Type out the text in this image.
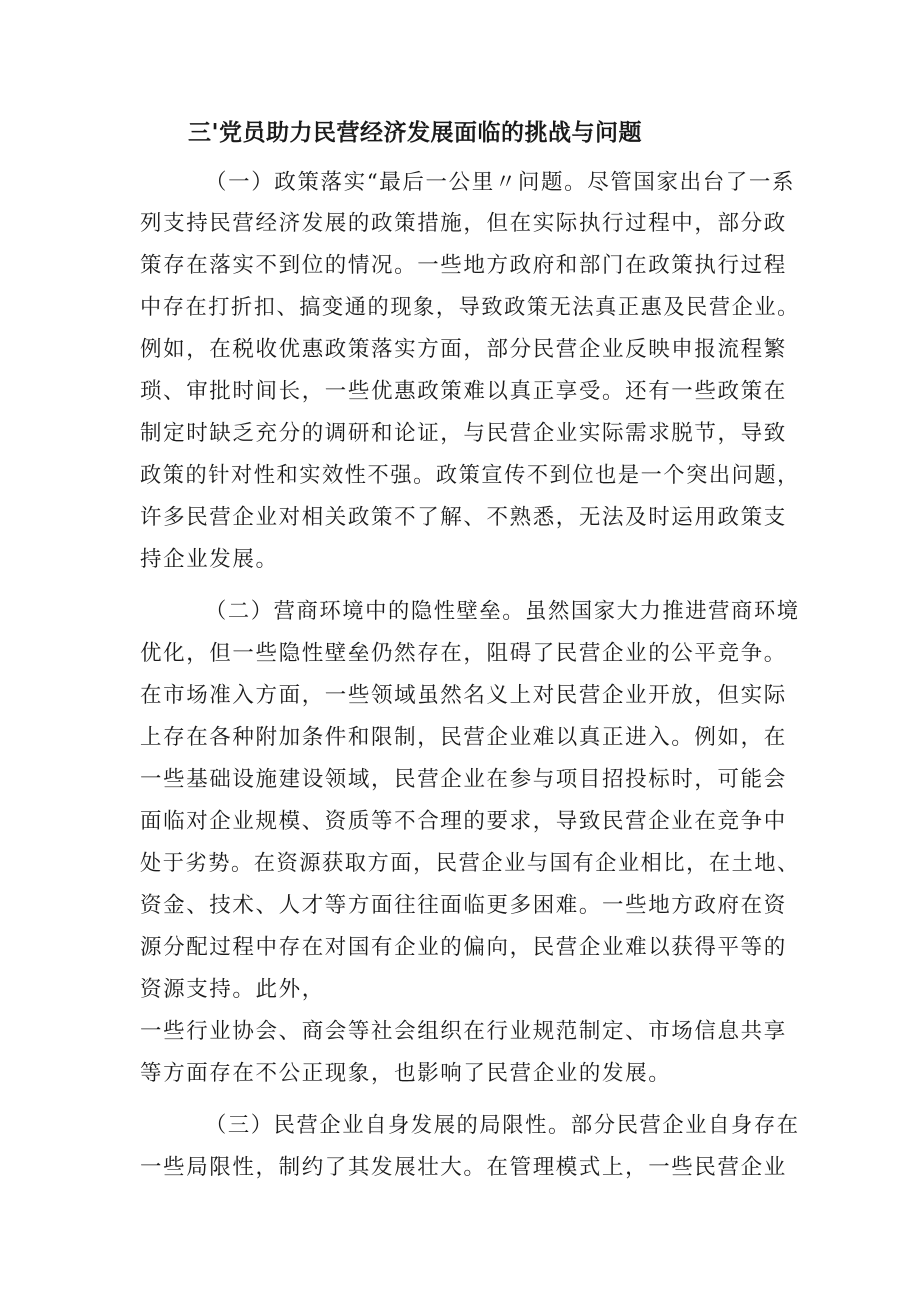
三'党员助力民营经济发展面临的挑战与问题
（一）政策落实“最后一公里〃问题。尽管国家出台了一系
列支持民营经济发展的政策措施，但在实际执行过程中，部分政
策存在落实不到位的情况。一些地方政府和部门在政策执行过程
中存在打折扣、搞变通的现象，导致政策无法真正惠及民营企业。
例如，在税收优惠政策落实方面，部分民营企业反映申报流程繁
琐、审批时间长，一些优惠政策难以真正享受。还有一些政策在
制定时缺乏充分的调研和论证，与民营企业实际需求脱节，导致
政策的针对性和实效性不强。政策宣传不到位也是一个突出问题，
许多民营企业对相关政策不了解、不熟悉，无法及时运用政策支
持企业发展。
（二）营商环境中的隐性壁垒。虽然国家大力推进营商环境
优化，但一些隐性壁垒仍然存在，阻碍了民营企业的公平竞争。
在市场准入方面，一些领域虽然名义上对民营企业开放，但实际
上存在各种附加条件和限制，民营企业难以真正进入。例如，在
一些基础设施建设领域，民营企业在参与项目招投标时，可能会
面临对企业规模、资质等不合理的要求，导致民营企业在竞争中
处于劣势。在资源获取方面，民营企业与国有企业相比，在土地、
资金、技术、人才等方面往往面临更多困难。一些地方政府在资
源分配过程中存在对国有企业的偏向，民营企业难以获得平等的
资源支持。此外，
一些行业协会、商会等社会组织在行业规范制定、市场信息共享
等方面存在不公正现象，也影响了民营企业的发展。
（三）民营企业自身发展的局限性。部分民营企业自身存在
一些局限性，制约了其发展壮大。在管理模式上，一些民营企业
